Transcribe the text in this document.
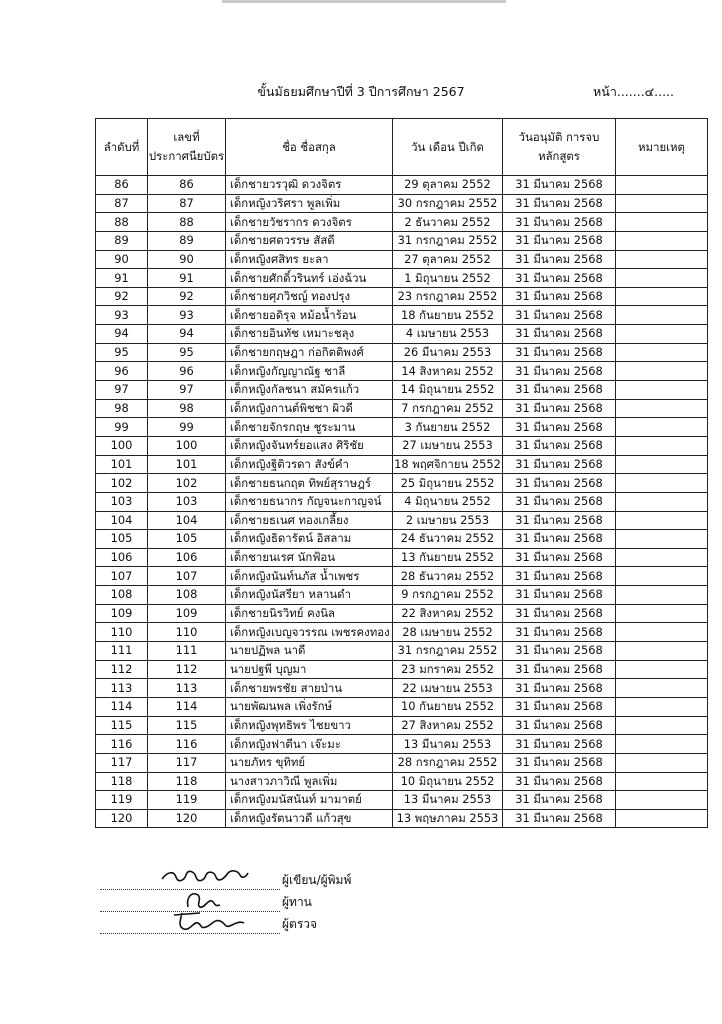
ขั้นมัธยมศึกษาปีที่ 3 ปีการศึกษา 2567	หน้า.......๔.....
ลำดับที่	เลขที่ ประกาศนียบัตร	ชื่อ ชื่อสกุล	วัน เดือน ปีเกิด	วันอนุมัติ การจบหลักสูตร	หมายเหตุ
86	86	เด็กชายวรวุฒิ ดวงจิตร	29 ตุลาคม 2552	31 มีนาคม 2568	
87	87	เด็กหญิงวริศรา พูลเพิ่ม	30 กรกฎาคม 2552	31 มีนาคม 2568	
88	88	เด็กชายวัชรากร ดวงจิตร	2 ธันวาคม 2552	31 มีนาคม 2568	
89	89	เด็กชายศตวรรษ สัสดี	31 กรกฎาคม 2552	31 มีนาคม 2568	
90	90	เด็กหญิงศสิทร ยะลา	27 ตุลาคม 2552	31 มีนาคม 2568	
91	91	เด็กชายศักดิ์วรินทร์ เอ่งฉ้วน	1 มิถุนายน 2552	31 มีนาคม 2568	
92	92	เด็กชายศุภวิชญ์ ทองปรุง	23 กรกฎาคม 2552	31 มีนาคม 2568	
93	93	เด็กชายอดิรุจ หม้อน้ำร้อน	18 กันยายน 2552	31 มีนาคม 2568	
94	94	เด็กชายอินทัช เหมาะชลุง	4 เมษายน 2553	31 มีนาคม 2568	
95	95	เด็กชายกฤษฎา ก่อกิตติพงศ์	26 มีนาคม 2553	31 มีนาคม 2568	
96	96	เด็กหญิงกัญญาณัฐ ชาลี	14 สิงหาคม 2552	31 มีนาคม 2568	
97	97	เด็กหญิงกัลชนา สมัครแก้ว	14 มิถุนายน 2552	31 มีนาคม 2568	
98	98	เด็กหญิงกานต์พิชชา ผิวดี	7 กรกฎาคม 2552	31 มีนาคม 2568	
99	99	เด็กชายจักรกฤษ ชูระมาน	3 กันยายน 2552	31 มีนาคม 2568	
100	100	เด็กหญิงจันทร์ยอแสง ศิริชัย	27 เมษายน 2553	31 มีนาคม 2568	
101	101	เด็กหญิงฐิติวรดา สังข์คำ	18 พฤศจิกายน 2552	31 มีนาคม 2568	
102	102	เด็กชายธนกฤต ทิพย์สุราษฎร์	25 มิถุนายน 2552	31 มีนาคม 2568	
103	103	เด็กชายธนากร กัญจนะกาญจน์	4 มิถุนายน 2552	31 มีนาคม 2568	
104	104	เด็กชายธเนศ ทองเกลี้ยง	2 เมษายน 2553	31 มีนาคม 2568	
105	105	เด็กหญิงธิดารัตน์ อิสลาม	24 ธันวาคม 2552	31 มีนาคม 2568	
106	106	เด็กชายนเรศ นักฟ้อน	13 กันยายน 2552	31 มีนาคม 2568	
107	107	เด็กหญิงนันท์นภัส น้ำเพชร	28 ธันวาคม 2552	31 มีนาคม 2568	
108	108	เด็กหญิงนัสรียา หลานดำ	9 กรกฎาคม 2552	31 มีนาคม 2568	
109	109	เด็กชายนิรวิทย์ คงนิล	22 สิงหาคม 2552	31 มีนาคม 2568	
110	110	เด็กหญิงเบญจวรรณ เพชรคงทอง	28 เมษายน 2552	31 มีนาคม 2568	
111	111	นายปฏิพล นาดี	31 กรกฎาคม 2552	31 มีนาคม 2568	
112	112	นายปฐพี บุญมา	23 มกราคม 2552	31 มีนาคม 2568	
113	113	เด็กชายพรชัย สายป่าน	22 เมษายน 2553	31 มีนาคม 2568	
114	114	นายพัฒนพล เพิ่งรักษ์	10 กันยายน 2552	31 มีนาคม 2568	
115	115	เด็กหญิงพุทธิพร ไชยขาว	27 สิงหาคม 2552	31 มีนาคม 2568	
116	116	เด็กหญิงฟาตีนา เจ๊ะมะ	13 มีนาคม 2553	31 มีนาคม 2568	
117	117	นายภัทร ขุทิทย์	28 กรกฎาคม 2552	31 มีนาคม 2568	
118	118	นางสาวภาวิณี พูลเพิ่ม	10 มิถุนายน 2552	31 มีนาคม 2568	
119	119	เด็กหญิงมนัสนันท์ มามาตย์	13 มีนาคม 2553	31 มีนาคม 2568	
120	120	เด็กหญิงรัตนาวดี แก้วสุข	13 พฤษภาคม 2553	31 มีนาคม 2568	
ผู้เขียน/ผู้พิมพ์
ผู้ทาน
ผู้ตรวจ
